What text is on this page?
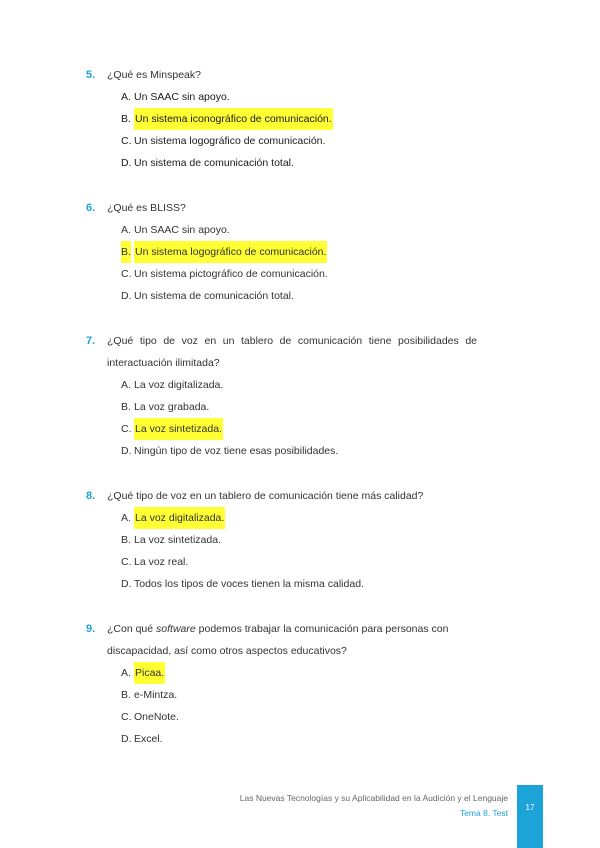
5. ¿Qué es Minspeak?
A. Un SAAC sin apoyo.
B. Un sistema iconográfico de comunicación.
C. Un sistema logográfico de comunicación.
D. Un sistema de comunicación total.
6. ¿Qué es BLISS?
A. Un SAAC sin apoyo.
B. Un sistema logográfico de comunicación.
C. Un sistema pictográfico de comunicación.
D. Un sistema de comunicación total.
7. ¿Qué tipo de voz en un tablero de comunicación tiene posibilidades de interactuación ilimitada?
A. La voz digitalizada.
B. La voz grabada.
C. La voz sintetizada.
D. Ningún tipo de voz tiene esas posibilidades.
8. ¿Qué tipo de voz en un tablero de comunicación tiene más calidad?
A. La voz digitalizada.
B. La voz sintetizada.
C. La voz real.
D. Todos los tipos de voces tienen la misma calidad.
9. ¿Con qué software podemos trabajar la comunicación para personas con discapacidad, así como otros aspectos educativos?
A. Picaa.
B. e-Mintza.
C. OneNote.
D. Excel.
Las Nuevas Tecnologías y su Aplicabilidad en la Audición y el Lenguaje
Tema 8. Test
17
